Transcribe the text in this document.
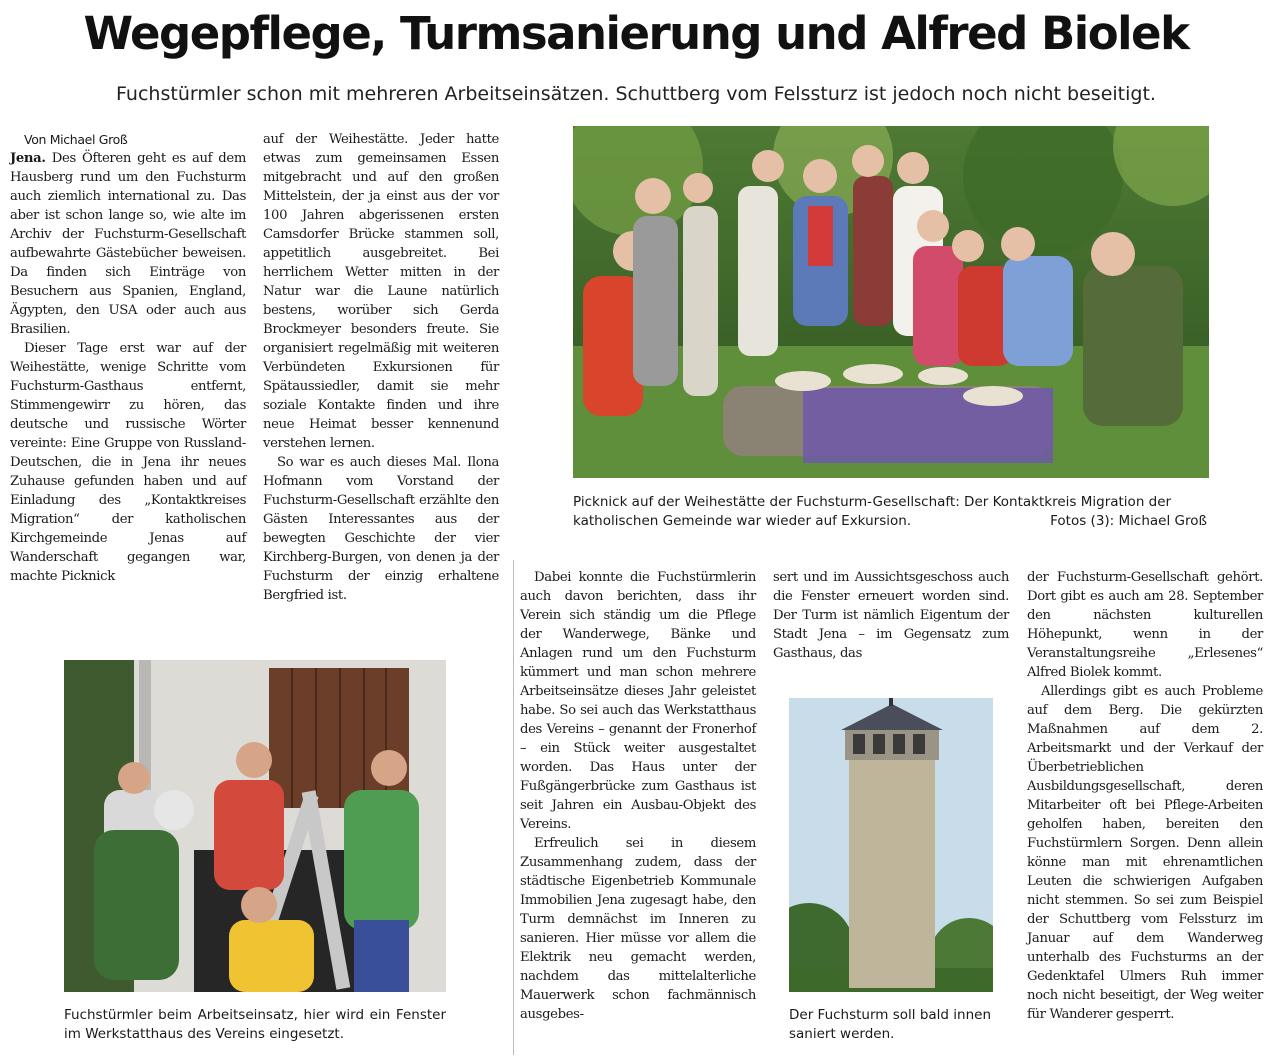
Wegepflege, Turmsanierung und Alfred Biolek
Fuchstürmler schon mit mehreren Arbeitseinsätzen. Schuttberg vom Felssturz ist jedoch noch nicht beseitigt.

Von Michael Groß

Jena. Des Öfteren geht es auf dem Hausberg rund um den Fuchsturm auch ziemlich international zu. Das aber ist schon lange so, wie alte im Archiv der Fuchsturm-Gesellschaft aufbewahrte Gästebücher beweisen. Da finden sich Einträge von Besuchern aus Spanien, England, Ägypten, den USA oder auch aus Brasilien.

Dieser Tage erst war auf der Weihestätte, wenige Schritte vom Fuchsturm-Gasthaus entfernt, Stimmengewirr zu hören, das deutsche und russische Wörter vereinte: Eine Gruppe von Russland-Deutschen, die in Jena ihr neues Zuhause gefunden haben und auf Einladung des „Kontaktkreises Migration“ der katholischen Kirchgemeinde Jenas auf Wanderschaft gegangen war, machte Picknick

auf der Weihestätte. Jeder hatte etwas zum gemeinsamen Essen mitgebracht und auf den großen Mittelstein, der ja einst aus der vor 100 Jahren abgerissenen ersten Camsdorfer Brücke stammen soll, appetitlich ausgebreitet. Bei herrlichem Wetter mitten in der Natur war die Laune natürlich bestens, worüber sich Gerda Brockmeyer besonders freute. Sie organisiert regelmäßig mit weiteren Verbündeten Exkursionen für Spätaussiedler, damit sie mehr soziale Kontakte finden und ihre neue Heimat besser kennenund verstehen lernen.

So war es auch dieses Mal. Ilona Hofmann vom Vorstand der Fuchsturm-Gesellschaft erzählte den Gästen Interessantes aus der bewegten Geschichte der vier Kirchberg-Burgen, von denen ja der Fuchsturm der einzig erhaltene Bergfried ist.

Picknick auf der Weihestätte der Fuchsturm-Gesellschaft: Der Kontaktkreis Migration der katholischen Gemeinde war wieder auf Exkursion.	Fotos (3): Michael Groß
Fuchstürmler beim Arbeitseinsatz, hier wird ein Fenster im Werkstatthaus des Vereins eingesetzt.

Dabei konnte die Fuchstürmlerin auch davon berichten, dass ihr Verein sich ständig um die Pflege der Wanderwege, Bänke und Anlagen rund um den Fuchsturm kümmert und man schon mehrere Arbeitseinsätze dieses Jahr geleistet habe. So sei auch das Werkstatthaus des Vereins – genannt der Fronerhof – ein Stück weiter ausgestaltet worden. Das Haus unter der Fußgängerbrücke zum Gasthaus ist seit Jahren ein Ausbau-Objekt des Vereins.

Erfreulich sei in diesem Zusammenhang zudem, dass der städtische Eigenbetrieb Kommunale Immobilien Jena zugesagt habe, den Turm demnächst im Inneren zu sanieren. Hier müsse vor allem die Elektrik neu gemacht werden, nachdem das mittelalterliche Mauerwerk schon fachmännisch ausgebes-

sert und im Aussichtsgeschoss auch die Fenster erneuert worden sind. Der Turm ist nämlich Eigentum der Stadt Jena – im Gegensatz zum Gasthaus, das

Der Fuchsturm soll bald innen saniert werden.

der Fuchsturm-Gesellschaft gehört. Dort gibt es auch am 28. September den nächsten kulturellen Höhepunkt, wenn in der Veranstaltungsreihe „Erlesenes“ Alfred Biolek kommt.

Allerdings gibt es auch Probleme auf dem Berg. Die gekürzten Maßnahmen auf dem 2. Arbeitsmarkt und der Verkauf der Überbetrieblichen Ausbildungsgesellschaft, deren Mitarbeiter oft bei Pflege-Arbeiten geholfen haben, bereiten den Fuchstürmlern Sorgen. Denn allein könne man mit ehrenamtlichen Leuten die schwierigen Aufgaben nicht stemmen. So sei zum Beispiel der Schuttberg vom Felssturz im Januar auf dem Wanderweg unterhalb des Fuchsturms an der Gedenktafel Ulmers Ruh immer noch nicht beseitigt, der Weg weiter für Wanderer gesperrt.
